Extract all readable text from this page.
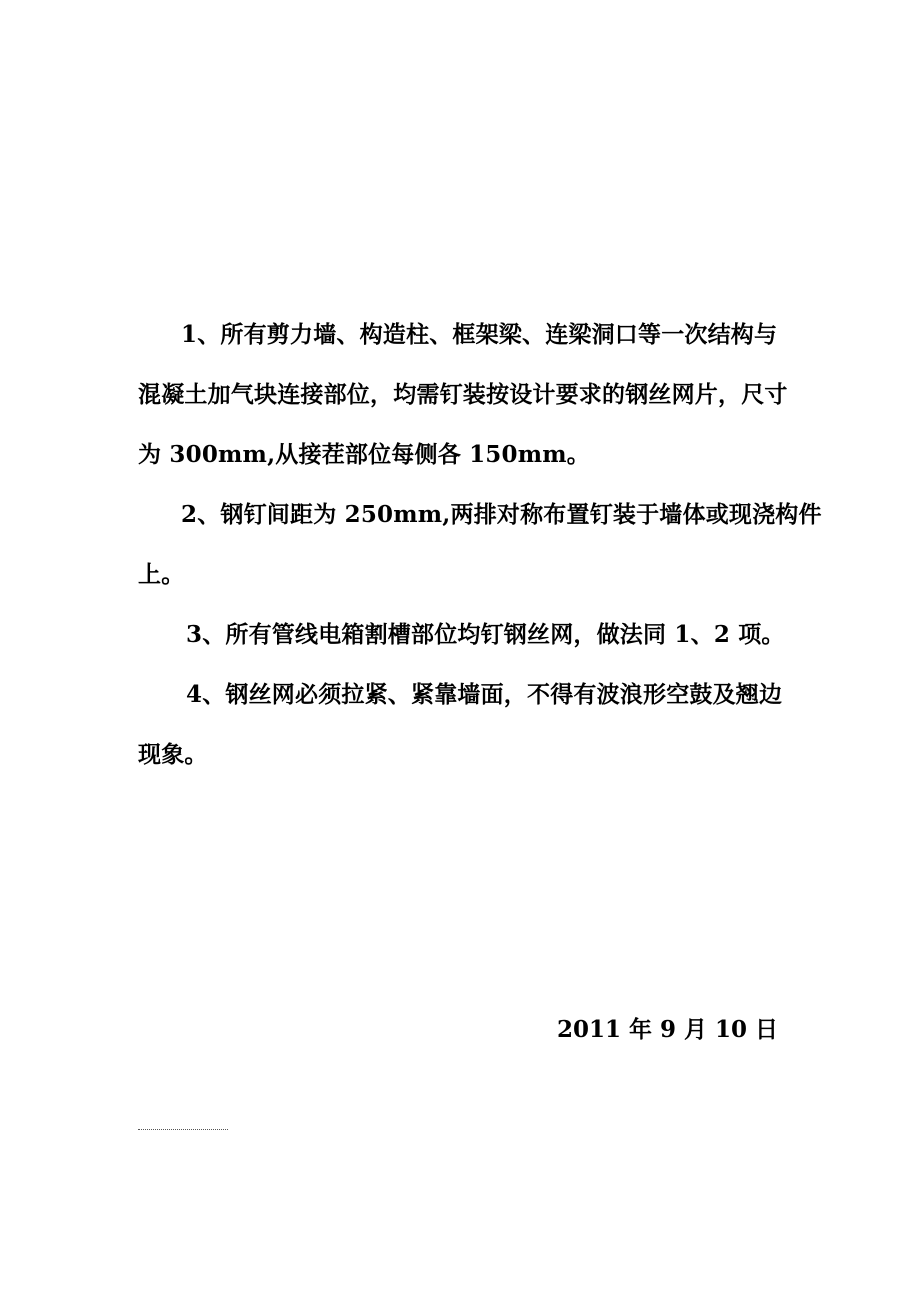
1、所有剪力墙、构造柱、框架梁、连梁洞口等一次结构与
混凝土加气块连接部位，均需钉装按设计要求的钢丝网片，尺寸
为 300mm,从接茬部位每侧各 150mm。
2、钢钉间距为 250mm,两排对称布置钉装于墙体或现浇构件
上。
3、所有管线电箱割槽部位均钉钢丝网，做法同 1、2 项。
4、钢丝网必须拉紧、紧靠墙面，不得有波浪形空鼓及翘边
现象。
2011 年 9 月 10 日
